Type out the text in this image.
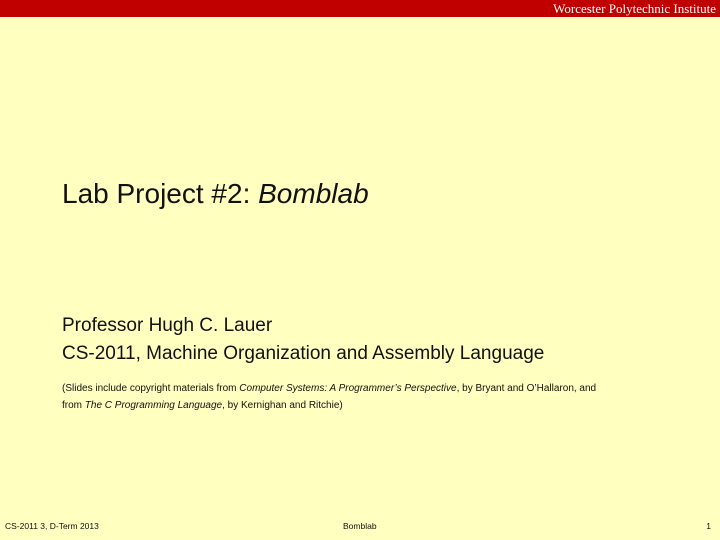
Worcester Polytechnic Institute
Lab Project #2: Bomblab
Professor Hugh C. Lauer
CS-2011, Machine Organization and Assembly Language
(Slides include copyright materials from Computer Systems: A Programmer’s Perspective, by Bryant and O’Hallaron, and
from The C Programming Language, by Kernighan and Ritchie)
CS-2011 3, D-Term 2013	Bomblab	1
